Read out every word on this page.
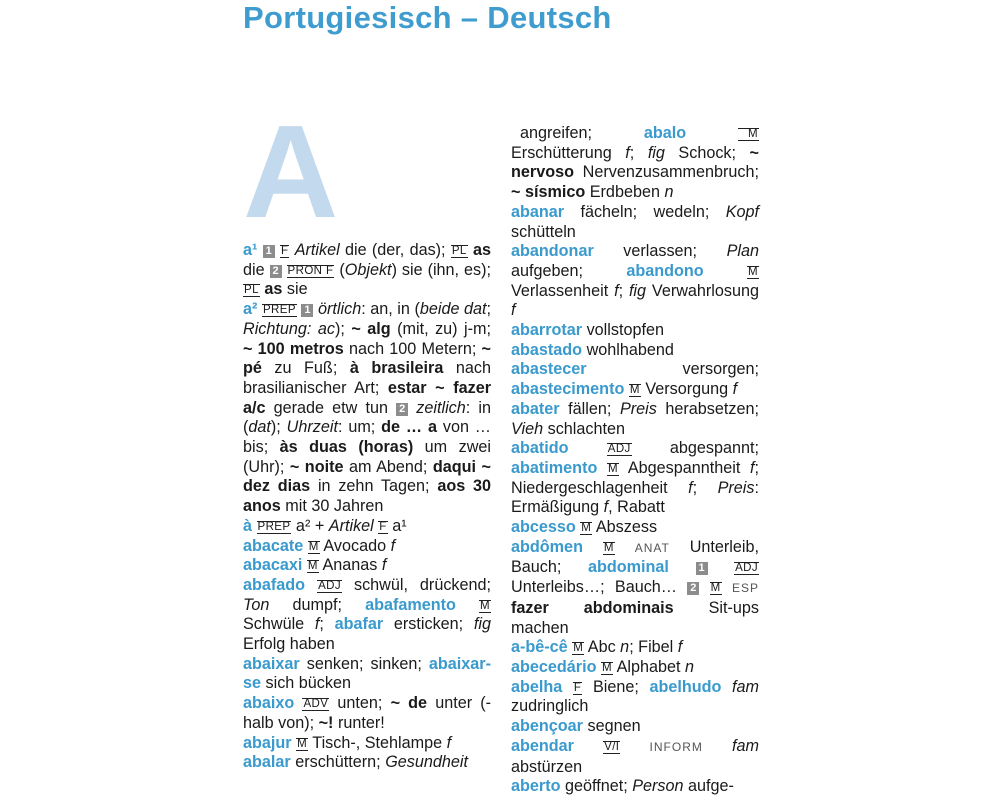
Portugiesisch – Deutsch
A
a¹ 1 F Artikel die (der, das); PL as die 2 PRON F (Objekt) sie (ihn, es); PL as sie
a² PREP 1 örtlich: an, in (beide dat; Richtung: ac); ~ alg (mit, zu) j-m; ~ 100 metros nach 100 Metern; ~ pé zu Fuß; à brasileira nach brasilianischer Art; estar ~ fazer a/c gerade etw tun 2 zeitlich: in (dat); Uhrzeit: um; de … a von … bis; às duas (horas) um zwei (Uhr); ~ noite am Abend; daqui ~ dez dias in zehn Tagen; aos 30 anos mit 30 Jahren
à PREP a² + Artikel F a¹
abacate M Avocado f
abacaxi M Ananas f
abafado ADJ schwül, drückend; Ton dumpf; abafamento M Schwüle f; abafar ersticken; fig Erfolg haben
abaixar senken; sinken; abaixar-se sich bücken
abaixo ADV unten; ~ de unter (-halb von); ~! runter!
abajur M Tisch-, Stehlampe f
abalar erschüttern; Gesundheit
angreifen; abalo	M Erschütterung f; fig Schock; ~ nervoso Nervenzusammenbruch; ~ sísmico Erdbeben n
abanar fächeln; wedeln; Kopf schütteln
abandonar verlassen; Plan aufgeben; abandono	M Verlassenheit f; fig Verwahrlosung f
abarrotar vollstopfen
abastado wohlhabend
abastecer versorgen; abastecimento M Versorgung f
abater fällen; Preis herabsetzen; Vieh schlachten
abatido	ADJ abgespannt; abatimento M Abgespanntheit f; Niedergeschlagenheit f; Preis: Ermäßigung f, Rabatt
abcesso M Abszess
abdômen M ANAT Unterleib, Bauch; abdominal	1	ADJ Unterleibs…; Bauch… 2 M ESP fazer abdominais Sit-ups machen
a-bê-cê M Abc n; Fibel f
abecedário M Alphabet n
abelha F Biene; abelhudo fam zudringlich
abençoar segnen
abendar	V/I	INFORM fam abstürzen
aberto geöffnet; Person aufge-
